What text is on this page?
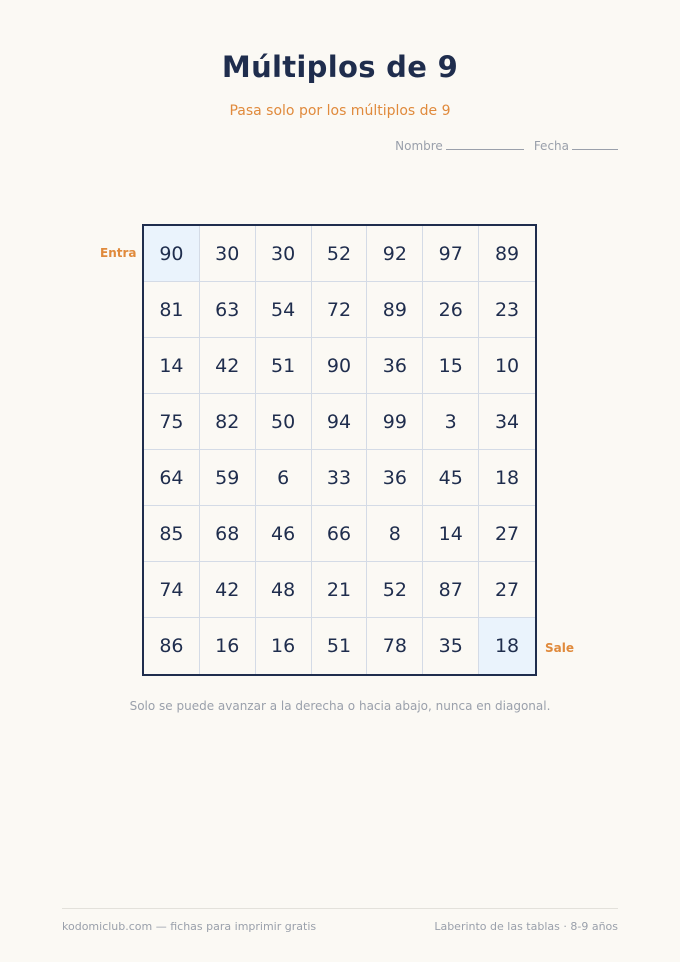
Múltiplos de 9
Pasa solo por los múltiplos de 9
Nombre	Fecha
Entra
Sale
90	30	30	52	92	97	89
81	63	54	72	89	26	23
14	42	51	90	36	15	10
75	82	50	94	99	3	34
64	59	6	33	36	45	18
85	68	46	66	8	14	27
74	42	48	21	52	87	27
86	16	16	51	78	35	18
Solo se puede avanzar a la derecha o hacia abajo, nunca en diagonal.
kodomiclub.com — fichas para imprimir gratis	Laberinto de las tablas · 8-9 años
